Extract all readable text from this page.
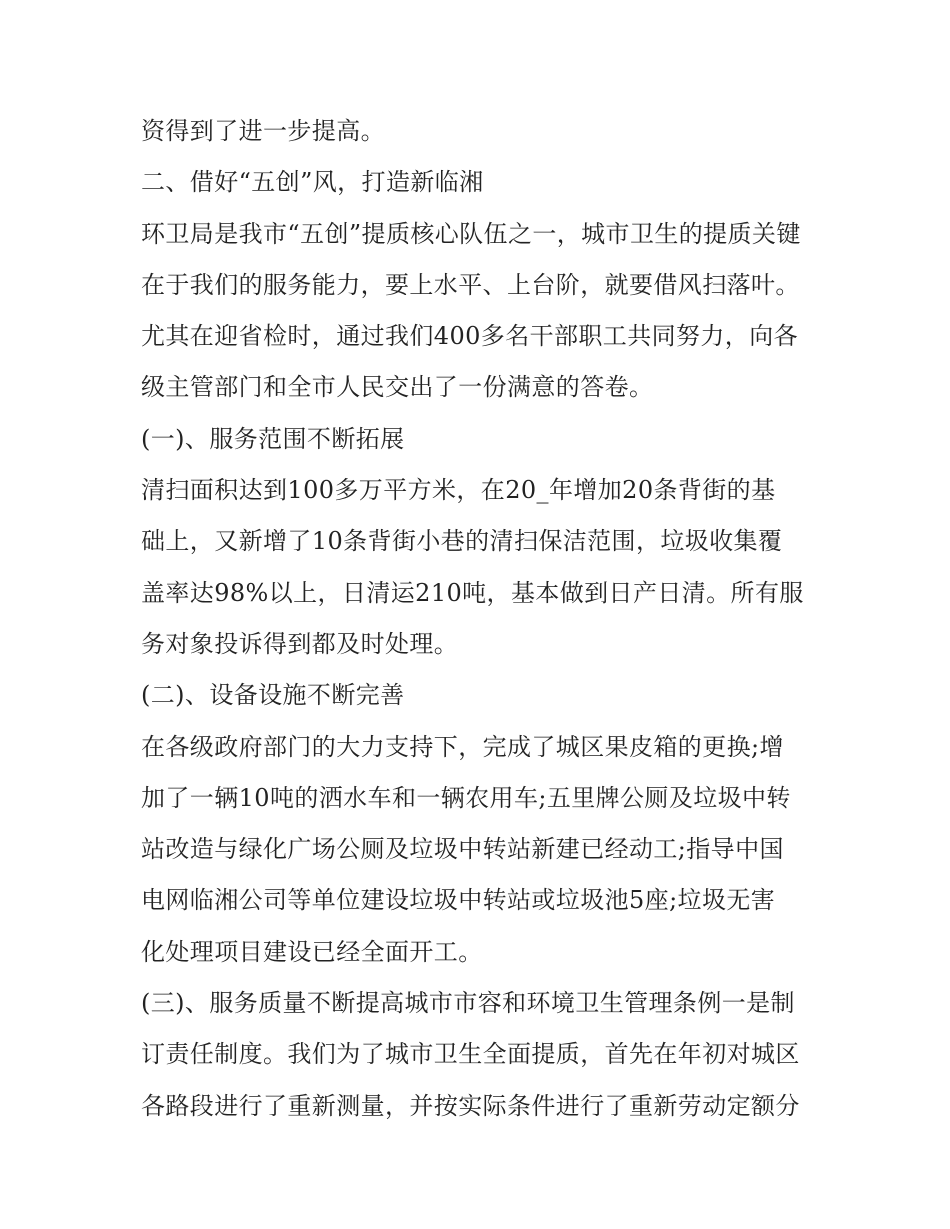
资得到了进一步提高。
二、借好“五创”风，打造新临湘
环卫局是我市“五创”提质核心队伍之一，城市卫生的提质关键
在于我们的服务能力，要上水平、上台阶，就要借风扫落叶。
尤其在迎省检时，通过我们400多名干部职工共同努力，向各
级主管部门和全市人民交出了一份满意的答卷。
(一)、服务范围不断拓展
清扫面积达到100多万平方米，在20_年增加20条背街的基
础上，又新增了10条背街小巷的清扫保洁范围，垃圾收集覆
盖率达98%以上，日清运210吨，基本做到日产日清。所有服
务对象投诉得到都及时处理。
(二)、设备设施不断完善
在各级政府部门的大力支持下，完成了城区果皮箱的更换;增
加了一辆10吨的洒水车和一辆农用车;五里牌公厕及垃圾中转
站改造与绿化广场公厕及垃圾中转站新建已经动工;指导中国
电网临湘公司等单位建设垃圾中转站或垃圾池5座;垃圾无害
化处理项目建设已经全面开工。
(三)、服务质量不断提高城市市容和环境卫生管理条例一是制
订责任制度。我们为了城市卫生全面提质，首先在年初对城区
各路段进行了重新测量，并按实际条件进行了重新劳动定额分
